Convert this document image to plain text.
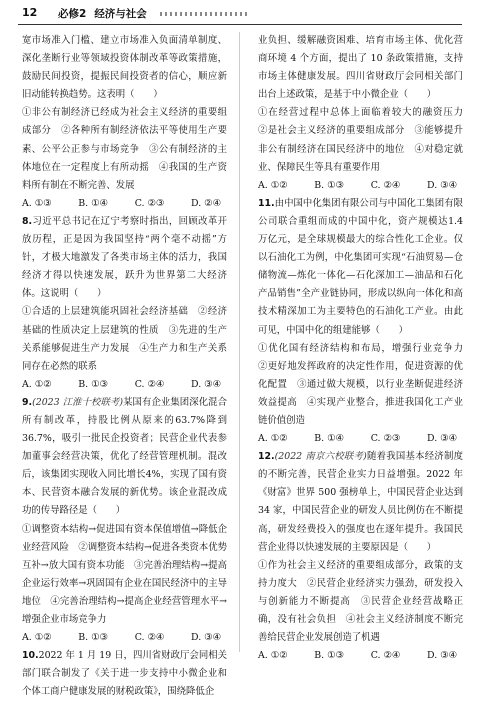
12 必修2 经济与社会

宽市场准入门槛、建立市场准入负面清单制度、深化垄断行业等领域投资体制改革等政策措施，鼓励民间投资，提振民间投资者的信心，顺应新旧动能转换趋势。这表明（　　）

①非公有制经济已经成为社会主义经济的重要组成部分　②各种所有制经济依法平等使用生产要素、公平公正参与市场竞争　③公有制经济的主体地位在一定程度上有所动摇　④我国的生产资料所有制在不断完善、发展

A. ①③	B. ①④	C. ②③	D. ②④

8.习近平总书记在辽宁考察时指出，回顾改革开放历程，正是因为我国坚持“两个毫不动摇”方针，才极大地激发了各类市场主体的活力，我国经济才得以快速发展，跃升为世界第二大经济体。这说明（　　）

①合适的上层建筑能巩固社会经济基础　②经济基础的性质决定上层建筑的性质　③先进的生产关系能够促进生产力发展　④生产力和生产关系同存在必然的联系

A. ①②	B. ①③	C. ②④	D. ③④

9.(2023 江淮十校联考)某国有企业集团深化混合所有制改革，持股比例从原来的63.7%降到36.7%，吸引一批民企投资者；民营企业代表参加董事会经营决策，优化了经营管理机制。混改后，该集团实现收入同比增长4%，实现了国有资本、民营资本融合发展的新优势。该企业混改成功的传导路径是（　　）

①调整资本结构→促进国有资本保值增值→降低企业经营风险　②调整资本结构→促进各类资本优势互补→放大国有资本功能　③完善治理结构→提高企业运行效率→巩固国有企业在国民经济中的主导地位　④完善治理结构→提高企业经营管理水平→增强企业市场竞争力

A. ①②	B. ①③	C. ②④	D. ③④

10.2022 年 1 月 19 日，四川省财政厅会同相关部门联合制发了《关于进一步支持中小微企业和个体工商户健康发展的财税政策》，围绕降低企

业负担、缓解融资困难、培育市场主体、优化营商环境 4 个方面，提出了 10 条政策措施，支持市场主体健康发展。四川省财政厅会同相关部门出台上述政策，是基于中小微企业（　　）

①在经营过程中总体上面临着较大的融资压力　②是社会主义经济的重要组成部分　③能够提升非公有制经济在国民经济中的地位　④对稳定就业、保障民生等具有重要作用

A. ①②	B. ①③	C. ②④	D. ③④

11.由中国中化集团有限公司与中国化工集团有限公司联合重组而成的中国中化，资产规模达1.4 万亿元，是全球规模最大的综合性化工企业。仅以石油化工为例，中化集团可实现“石油贸易—仓储物流—炼化一体化—石化深加工—油品和石化产品销售”全产业链协同，形成以纵向一体化和高技术精深加工为主要特色的石油化工产业。由此可见，中国中化的组建能够（　　）

①优化国有经济结构和布局，增强行业竞争力　②更好地发挥政府的决定性作用，促进资源的优化配置　③通过做大规模，以行业垄断促进经济效益提高　④实现产业整合，推进我国化工产业链价值创造

A. ①②	B. ①④	C. ②③	D. ③④

12.(2022 南京六校联考)随着我国基本经济制度的不断完善，民营企业实力日益增强。2022 年《财富》世界 500 强榜单上，中国民营企业达到 34 家，中国民营企业的研发人员比例仿在不断提高，研发经费投入的强度也在逐年提升。我国民营企业得以快速发展的主要原因是（　　）

①作为社会主义经济的重要组成部分，政策的支持力度大　②民营企业经济实力强劲，研发投入与创新能力不断提高　③民营企业经营战略正确，没有社会负担　④社会主义经济制度不断完善给民营企业发展创造了机遇

A. ①②	B. ①③	C. ②④	D. ③④
